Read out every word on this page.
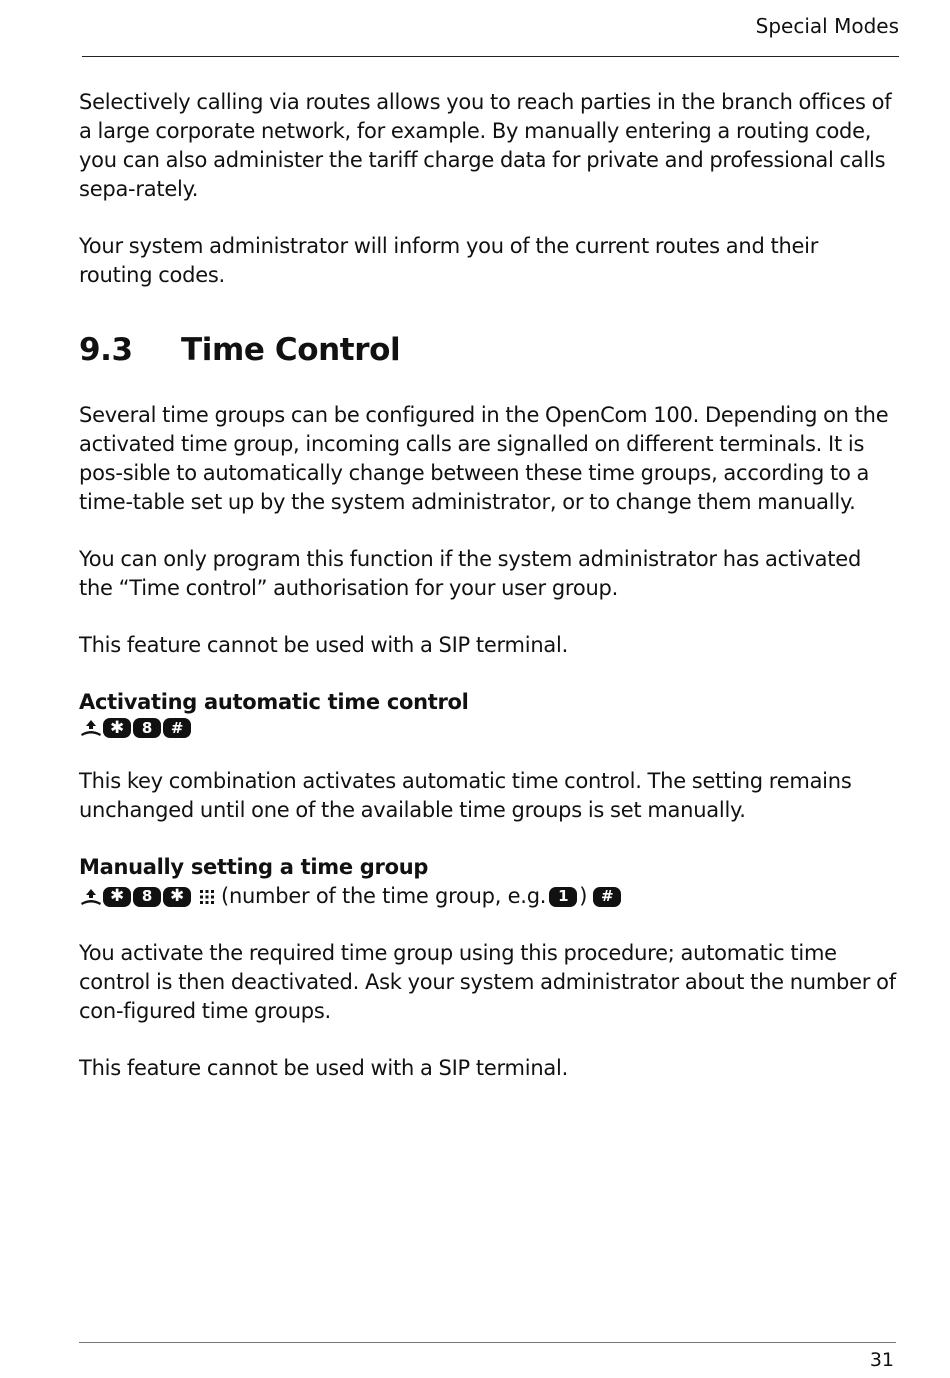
Special Modes

Selectively calling via routes allows you to reach parties in the branch offices of a large corporate network, for example. By manually entering a routing code, you can also administer the tariff charge data for private and professional calls sepa-rately.

Your system administrator will inform you of the current routes and their routing codes.

9.3 Time Control

Several time groups can be configured in the OpenCom 100. Depending on the activated time group, incoming calls are signalled on different terminals. It is pos-sible to automatically change between these time groups, according to a time-table set up by the system administrator, or to change them manually.

You can only program this function if the system administrator has activated the “Time control” authorisation for your user group.

This feature cannot be used with a SIP terminal.

Activating automatic time control
✱	8	#

This key combination activates automatic time control. The setting remains unchanged until one of the available time groups is set manually.

Manually setting a time group
✱	8	✱	(number of the time group, e.g. 1 ) #

You activate the required time group using this procedure; automatic time control is then deactivated. Ask your system administrator about the number of con-figured time groups.

This feature cannot be used with a SIP terminal.

31
